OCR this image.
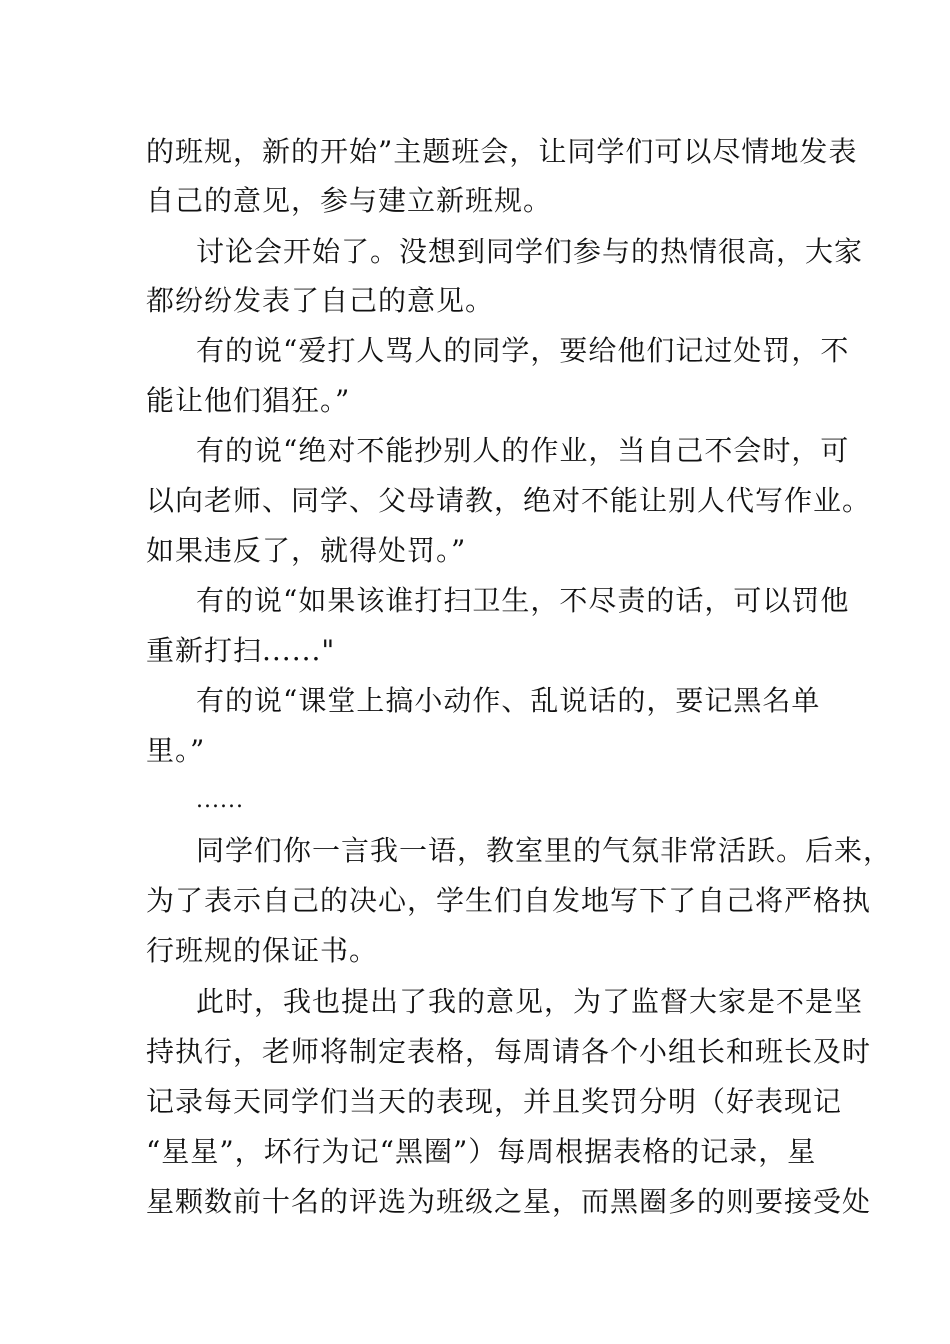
的班规，新的开始”主题班会，让同学们可以尽情地发表
自己的意见，参与建立新班规。
讨论会开始了。没想到同学们参与的热情很高，大家
都纷纷发表了自己的意见。
有的说“爱打人骂人的同学，要给他们记过处罚，不
能让他们猖狂。”
有的说“绝对不能抄别人的作业，当自己不会时，可
以向老师、同学、父母请教，绝对不能让别人代写作业。
如果违反了，就得处罚。”
有的说“如果该谁打扫卫生，不尽责的话，可以罚他
重新打扫......"
有的说“课堂上搞小动作、乱说话的，要记黑名单
里。”
......
同学们你一言我一语，教室里的气氛非常活跃。后来，
为了表示自己的决心，学生们自发地写下了自己将严格执
行班规的保证书。
此时，我也提出了我的意见，为了监督大家是不是坚
持执行，老师将制定表格，每周请各个小组长和班长及时
记录每天同学们当天的表现，并且奖罚分明（好表现记
“星星”，坏行为记“黑圈”）每周根据表格的记录，星
星颗数前十名的评选为班级之星，而黑圈多的则要接受处
